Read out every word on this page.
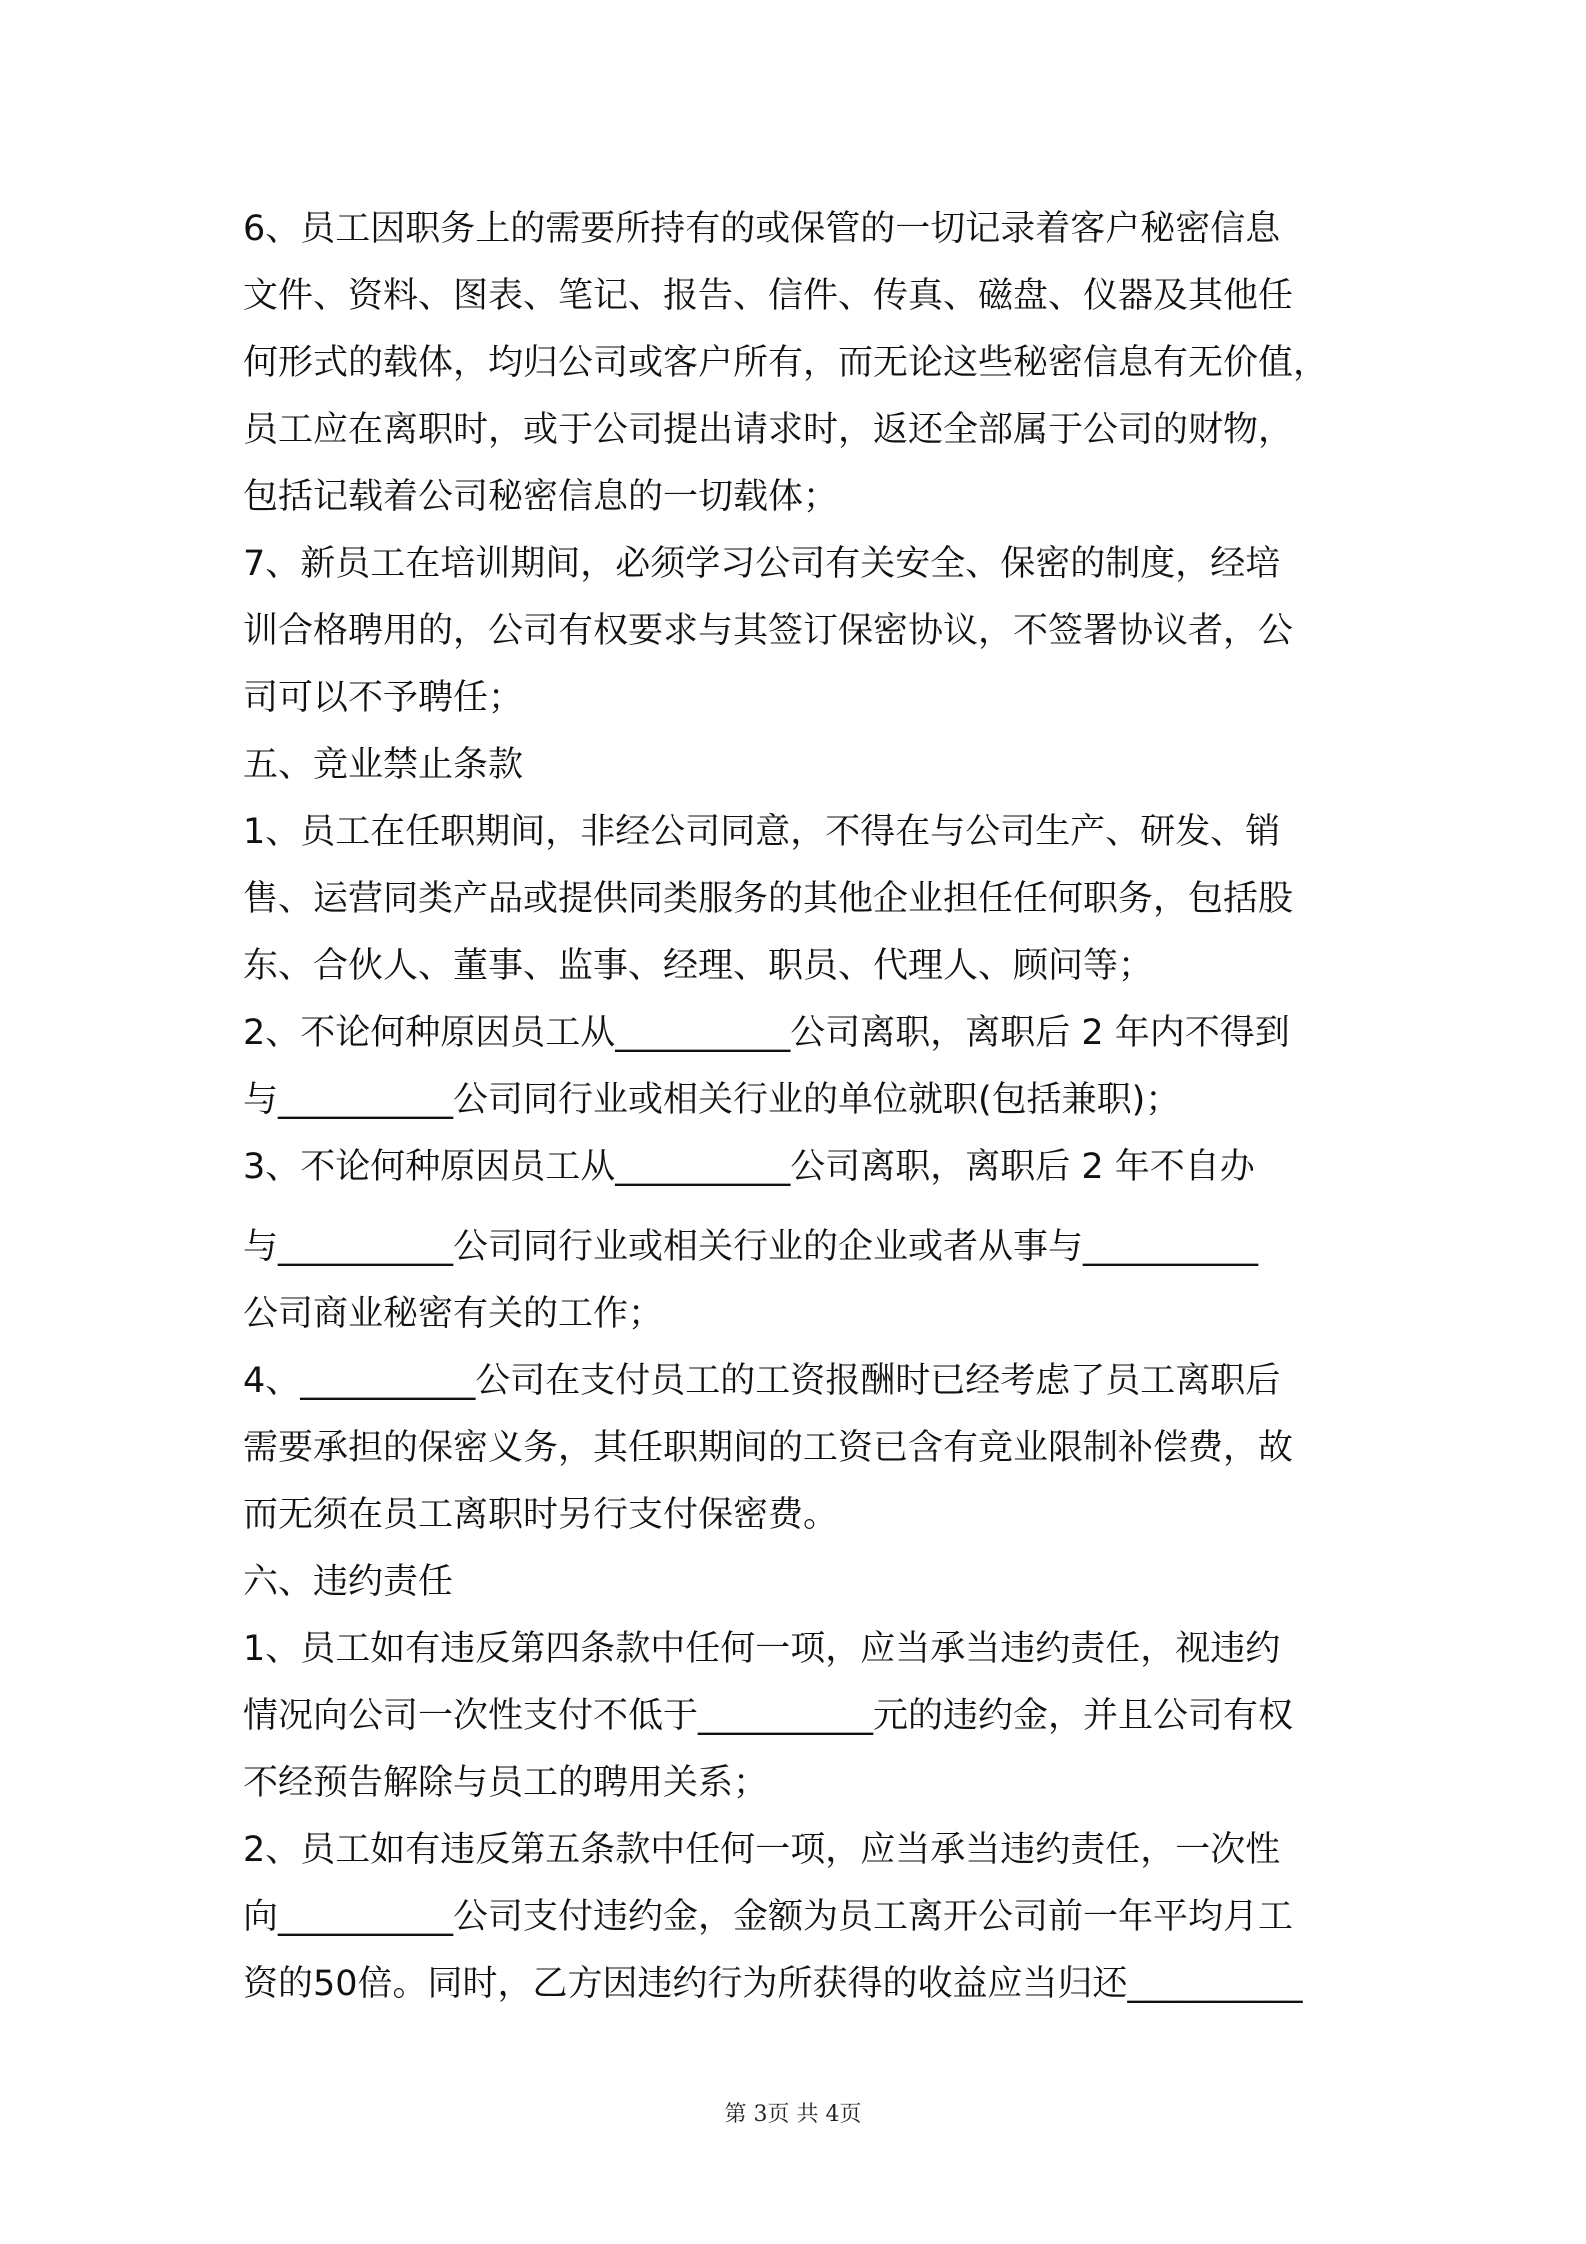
6、员工因职务上的需要所持有的或保管的一切记录着客户秘密信息
文件、资料、图表、笔记、报告、信件、传真、磁盘、仪器及其他任
何形式的载体，均归公司或客户所有，而无论这些秘密信息有无价值，
员工应在离职时，或于公司提出请求时，返还全部属于公司的财物，
包括记载着公司秘密信息的一切载体；
7、新员工在培训期间，必须学习公司有关安全、保密的制度，经培
训合格聘用的，公司有权要求与其签订保密协议，不签署协议者，公
司可以不予聘任；
五、竞业禁止条款
1、员工在任职期间，非经公司同意，不得在与公司生产、研发、销
售、运营同类产品或提供同类服务的其他企业担任任何职务，包括股
东、合伙人、董事、监事、经理、职员、代理人、顾问等；
2、不论何种原因员工从__________公司离职，离职后 2 年内不得到
与__________公司同行业或相关行业的单位就职(包括兼职)；
3、不论何种原因员工从__________公司离职，离职后 2 年不自办
与__________公司同行业或相关行业的企业或者从事与__________
公司商业秘密有关的工作；
4、__________公司在支付员工的工资报酬时已经考虑了员工离职后
需要承担的保密义务，其任职期间的工资已含有竞业限制补偿费，故
而无须在员工离职时另行支付保密费。
六、违约责任
1、员工如有违反第四条款中任何一项，应当承当违约责任，视违约
情况向公司一次性支付不低于__________元的违约金，并且公司有权
不经预告解除与员工的聘用关系；
2、员工如有违反第五条款中任何一项，应当承当违约责任，一次性
向__________公司支付违约金，金额为员工离开公司前一年平均月工
资的50倍。同时，乙方因违约行为所获得的收益应当归还__________
第 3页 共 4页
